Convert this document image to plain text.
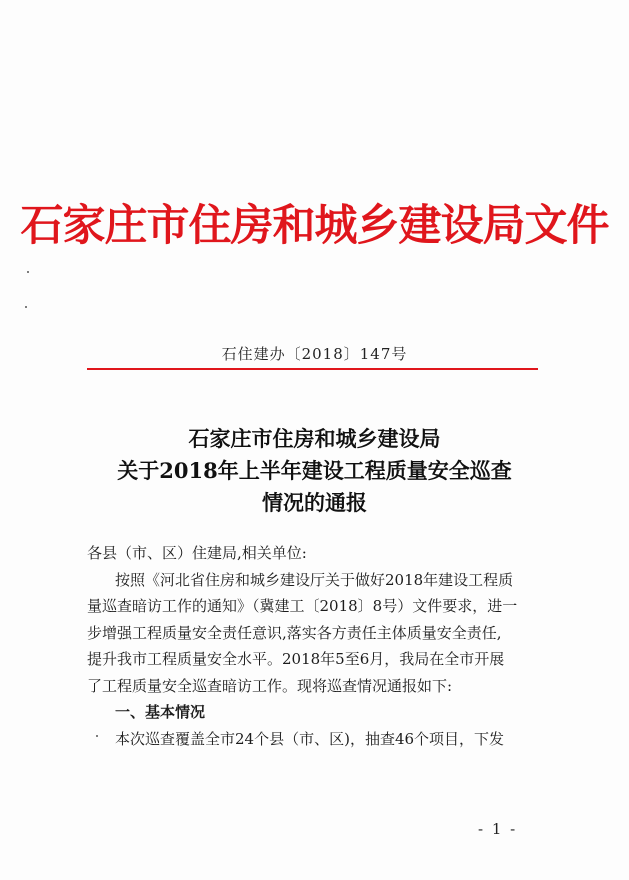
石家庄市住房和城乡建设局文件
石住建办〔2018〕147号
石家庄市住房和城乡建设局
关于2018年上半年建设工程质量安全巡查
情况的通报

各县（市、区）住建局,相关单位:

按照《河北省住房和城乡建设厅关于做好2018年建设工程质

量巡查暗访工作的通知》（冀建工〔2018〕8号）文件要求，进一

步增强工程质量安全责任意识,落实各方责任主体质量安全责任,

提升我市工程质量安全水平。2018年5至6月，我局在全市开展

了工程质量安全巡查暗访工作。现将巡查情况通报如下:

一、基本情况

本次巡查覆盖全市24个县（市、区)，抽查46个项目，下发

- 1 -
